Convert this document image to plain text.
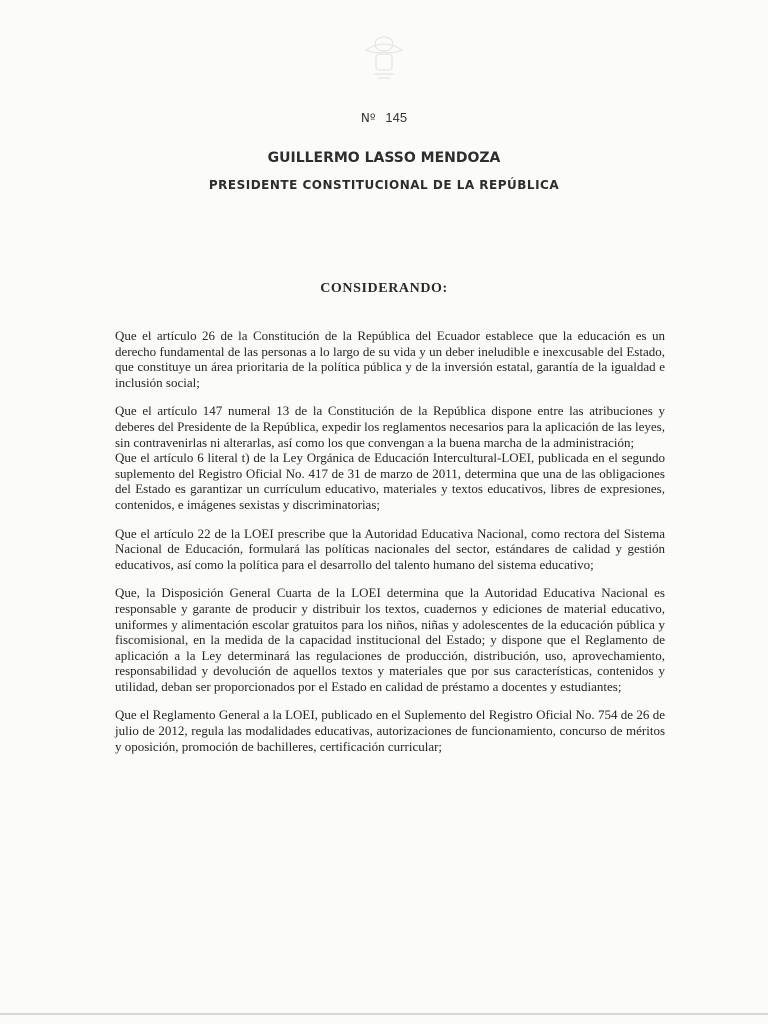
Nº 145
GUILLERMO LASSO MENDOZA
PRESIDENTE CONSTITUCIONAL DE LA REPÚBLICA
CONSIDERANDO:

Que el artículo 26 de la Constitución de la República del Ecuador establece que la educación es un derecho fundamental de las personas a lo largo de su vida y un deber ineludible e inexcusable del Estado, que constituye un área prioritaria de la política pública y de la inversión estatal, garantía de la igualdad e inclusión social;

Que el artículo 147 numeral 13 de la Constitución de la República dispone entre las atribuciones y deberes del Presidente de la República, expedir los reglamentos necesarios para la aplicación de las leyes, sin contravenirlas ni alterarlas, así como los que convengan a la buena marcha de la administración;

Que el artículo 6 literal t) de la Ley Orgánica de Educación Intercultural-LOEI, publicada en el segundo suplemento del Registro Oficial No. 417 de 31 de marzo de 2011, determina que una de las obligaciones del Estado es garantizar un currículum educativo, materiales y textos educativos, libres de expresiones, contenidos, e imágenes sexistas y discriminatorias;

Que el artículo 22 de la LOEI prescribe que la Autoridad Educativa Nacional, como rectora del Sistema Nacional de Educación, formulará las políticas nacionales del sector, estándares de calidad y gestión educativos, así como la política para el desarrollo del talento humano del sistema educativo;

Que, la Disposición General Cuarta de la LOEI determina que la Autoridad Educativa Nacional es responsable y garante de producir y distribuir los textos, cuadernos y ediciones de material educativo, uniformes y alimentación escolar gratuitos para los niños, niñas y adolescentes de la educación pública y fiscomisional, en la medida de la capacidad institucional del Estado; y dispone que el Reglamento de aplicación a la Ley determinará las regulaciones de producción, distribución, uso, aprovechamiento, responsabilidad y devolución de aquellos textos y materiales que por sus características, contenidos y utilidad, deban ser proporcionados por el Estado en calidad de préstamo a docentes y estudiantes;

Que el Reglamento General a la LOEI, publicado en el Suplemento del Registro Oficial No. 754 de 26 de julio de 2012, regula las modalidades educativas, autorizaciones de funcionamiento, concurso de méritos y oposición, promoción de bachilleres, certificación curricular;
